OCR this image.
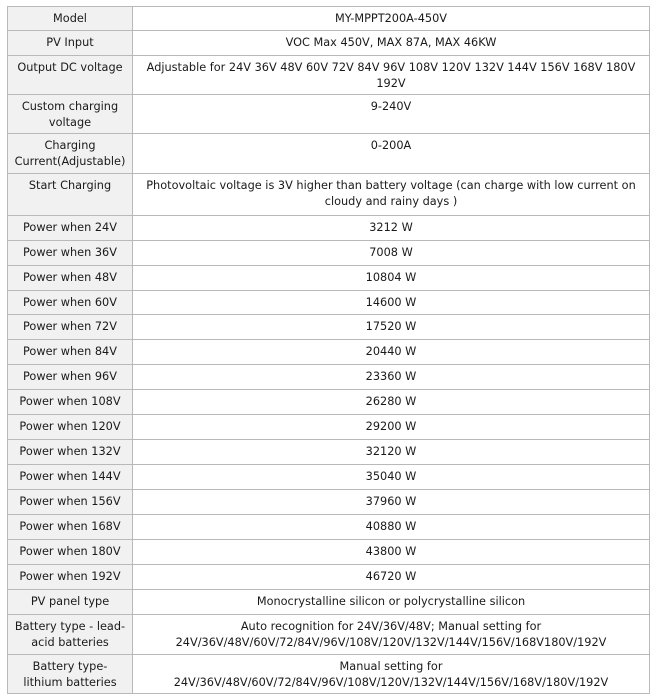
Model	MY-MPPT200A-450V
PV Input	VOC Max 450V, MAX 87A, MAX 46KW
Output DC voltage	Adjustable for 24V 36V 48V 60V 72V 84V 96V 108V 120V 132V 144V 156V 168V 180V 192V
Custom charging voltage	9-240V
Charging Current(Adjustable)	0-200A
Start Charging	Photovoltaic voltage is 3V higher than battery voltage (can charge with low current on cloudy and rainy days )
Power when 24V	3212 W
Power when 36V	7008 W
Power when 48V	10804 W
Power when 60V	14600 W
Power when 72V	17520 W
Power when 84V	20440 W
Power when 96V	23360 W
Power when 108V	26280 W
Power when 120V	29200 W
Power when 132V	32120 W
Power when 144V	35040 W
Power when 156V	37960 W
Power when 168V	40880 W
Power when 180V	43800 W
Power when 192V	46720 W
PV panel type	Monocrystalline silicon or polycrystalline silicon
Battery type - lead-acid batteries	Auto recognition for 24V/36V/48V; Manual setting for 24V/36V/48V/60V/72/84V/96V/108V/120V/132V/144V/156V/168V180V/192V
Battery type- lithium batteries	Manual setting for 24V/36V/48V/60V/72/84V/96V/108V/120V/132V/144V/156V/168V/180V/192V
